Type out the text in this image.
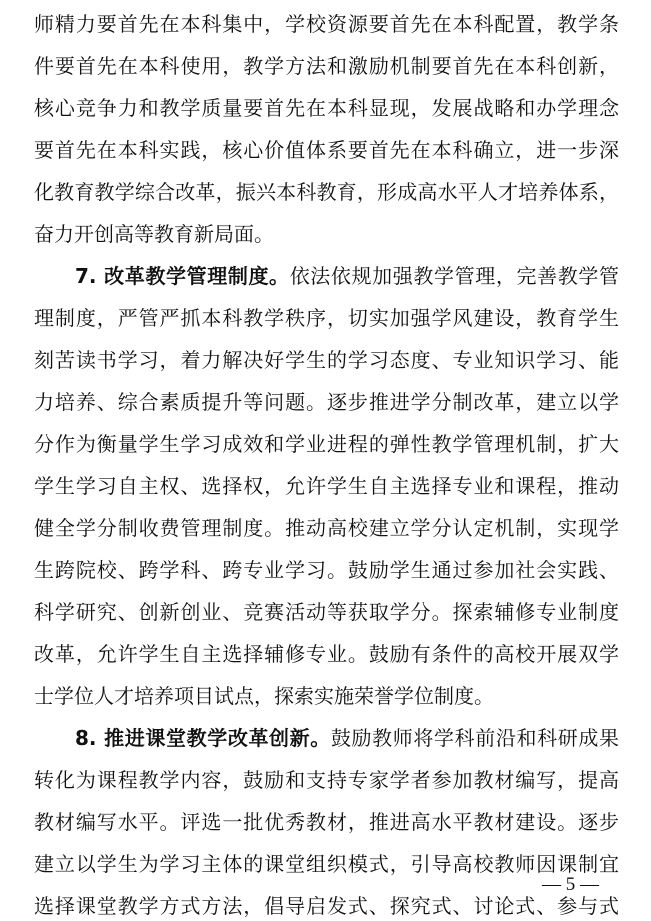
师精力要首先在本科集中，学校资源要首先在本科配置，教学条
件要首先在本科使用，教学方法和激励机制要首先在本科创新，
核心竞争力和教学质量要首先在本科显现，发展战略和办学理念
要首先在本科实践，核心价值体系要首先在本科确立，进一步深
化教育教学综合改革，振兴本科教育，形成高水平人才培养体系，
奋力开创高等教育新局面。
7. 改革教学管理制度。依法依规加强教学管理，完善教学管
理制度，严管严抓本科教学秩序，切实加强学风建设，教育学生
刻苦读书学习，着力解决好学生的学习态度、专业知识学习、能
力培养、综合素质提升等问题。逐步推进学分制改革，建立以学
分作为衡量学生学习成效和学业进程的弹性教学管理机制，扩大
学生学习自主权、选择权，允许学生自主选择专业和课程，推动
健全学分制收费管理制度。推动高校建立学分认定机制，实现学
生跨院校、跨学科、跨专业学习。鼓励学生通过参加社会实践、
科学研究、创新创业、竞赛活动等获取学分。探索辅修专业制度
改革，允许学生自主选择辅修专业。鼓励有条件的高校开展双学
士学位人才培养项目试点，探索实施荣誉学位制度。
8. 推进课堂教学改革创新。鼓励教师将学科前沿和科研成果
转化为课程教学内容，鼓励和支持专家学者参加教材编写，提高
教材编写水平。评选一批优秀教材，推进高水平教材建设。逐步
建立以学生为学习主体的课堂组织模式，引导高校教师因课制宜
选择课堂教学方式方法，倡导启发式、探究式、讨论式、参与式
— 5 —
